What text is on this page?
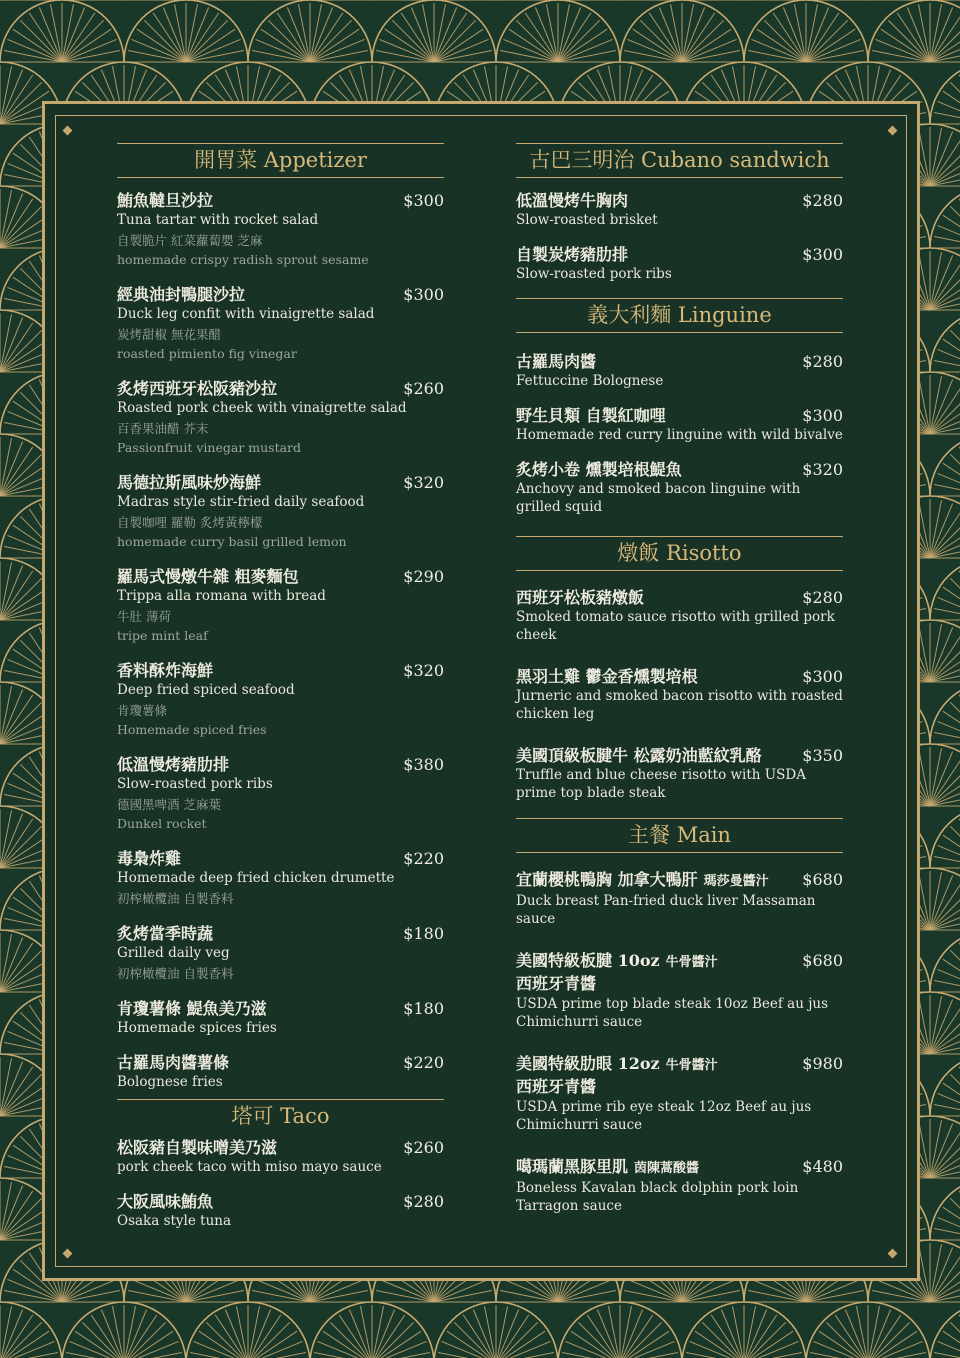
開胃菜 Appetizer
鮪魚韃旦沙拉	$300
Tuna tartar with rocket salad
自製脆片 紅菜蘿蔔嬰 芝麻
homemade crispy radish sprout sesame
經典油封鴨腿沙拉	$300
Duck leg confit with vinaigrette salad
炭烤甜椒 無花果醋
roasted pimiento fig vinegar
炙烤西班牙松阪豬沙拉	$260
Roasted pork cheek with vinaigrette salad
百香果油醋 芥末
Passionfruit vinegar mustard
馬德拉斯風味炒海鮮	$320
Madras style stir-fried daily seafood
自製咖哩 羅勒 炙烤黃檸檬
homemade curry basil grilled lemon
羅馬式慢燉牛雜 粗麥麵包	$290
Trippa alla romana with bread
牛肚 薄荷
tripe mint leaf
香料酥炸海鮮	$320
Deep fried spiced seafood
肯瓊薯條
Homemade spiced fries
低溫慢烤豬肋排	$380
Slow-roasted pork ribs
德國黑啤酒 芝麻葉
Dunkel rocket
毒梟炸雞	$220
Homemade deep fried chicken drumette
初榨橄欖油 自製香料
炙烤當季時蔬	$180
Grilled daily veg
初榨橄欖油 自製香料
肯瓊薯條 鯷魚美乃滋	$180
Homemade spices fries
古羅馬肉醬薯條	$220
Bolognese fries
塔可 Taco
松阪豬自製味噌美乃滋	$260
pork cheek taco with miso mayo sauce
大阪風味鮪魚	$280
Osaka style tuna
古巴三明治 Cubano sandwich
低溫慢烤牛胸肉	$280
Slow-roasted brisket
自製炭烤豬肋排	$300
Slow-roasted pork ribs
義大利麵 Linguine
古羅馬肉醬	$280
Fettuccine Bolognese
野生貝類 自製紅咖哩	$300
Homemade red curry linguine with wild bivalve
炙烤小卷 燻製培根鯷魚	$320
Anchovy and smoked bacon linguine with grilled squid
燉飯 Risotto
西班牙松板豬燉飯	$280
Smoked tomato sauce risotto with grilled pork cheek
黑羽土雞 鬱金香燻製培根	$300
Jurneric and smoked bacon risotto with roasted chicken leg
美國頂級板腱牛 松露奶油藍紋乳酪	$350
Truffle and blue cheese risotto with USDA prime top blade steak
主餐 Main
宜蘭櫻桃鴨胸 加拿大鴨肝 瑪莎曼醬汁	$680
Duck breast Pan-fried duck liver Massaman sauce
美國特級板腱 10oz 牛骨醬汁	$680
西班牙青醬
USDA prime top blade steak 10oz Beef au jus Chimichurri sauce
美國特級肋眼 12oz 牛骨醬汁	$980
西班牙青醬
USDA prime rib eye steak 12oz Beef au jus Chimichurri sauce
噶瑪蘭黑豚里肌 茵陳蒿酸醬	$480
Boneless Kavalan black dolphin pork loin Tarragon sauce
